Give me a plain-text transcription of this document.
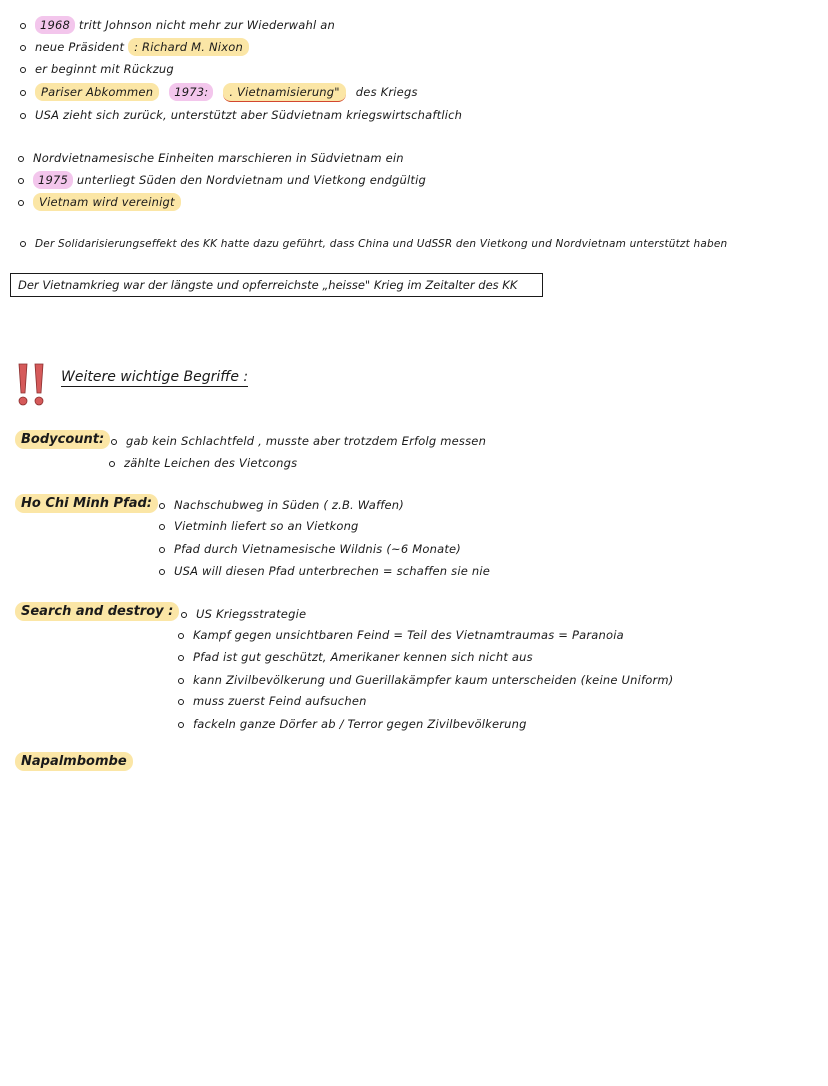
1968 tritt Johnson nicht mehr zur Wiederwahl an
neue Präsident : Richard M. Nixon
er beginnt mit Rückzug
Pariser Abkommen 1973: . Vietnamisierung" des Kriegs
USA zieht sich zurück, unterstützt aber Südvietnam kriegswirtschaftlich
Nordvietnamesische Einheiten marschieren in Südvietnam ein
1975 unterliegt Süden den Nordvietnam und Vietkong endgültig
Vietnam wird vereinigt
Der Solidarisierungseffekt des KK hatte dazu geführt, dass China und UdSSR den Vietkong und Nordvietnam unterstützt haben
Der Vietnamkrieg war der längste und opferreichste „heisse" Krieg im Zeitalter des KK
Weitere wichtige Begriffe :
Bodycount:	gab kein Schlachtfeld , musste aber trotzdem Erfolg messen
zählte Leichen des Vietcongs
Ho Chi Minh Pfad:	Nachschubweg in Süden ( z.B. Waffen)
Vietminh liefert so an Vietkong
Pfad durch Vietnamesische Wildnis (~6 Monate)
USA will diesen Pfad unterbrechen = schaffen sie nie
Search and destroy :	US Kriegsstrategie
Kampf gegen unsichtbaren Feind = Teil des Vietnamtraumas = Paranoia
Pfad ist gut geschützt, Amerikaner kennen sich nicht aus
kann Zivilbevölkerung und Guerillakämpfer kaum unterscheiden (keine Uniform)
muss zuerst Feind aufsuchen
fackeln ganze Dörfer ab / Terror gegen Zivilbevölkerung
Napalmbombe
